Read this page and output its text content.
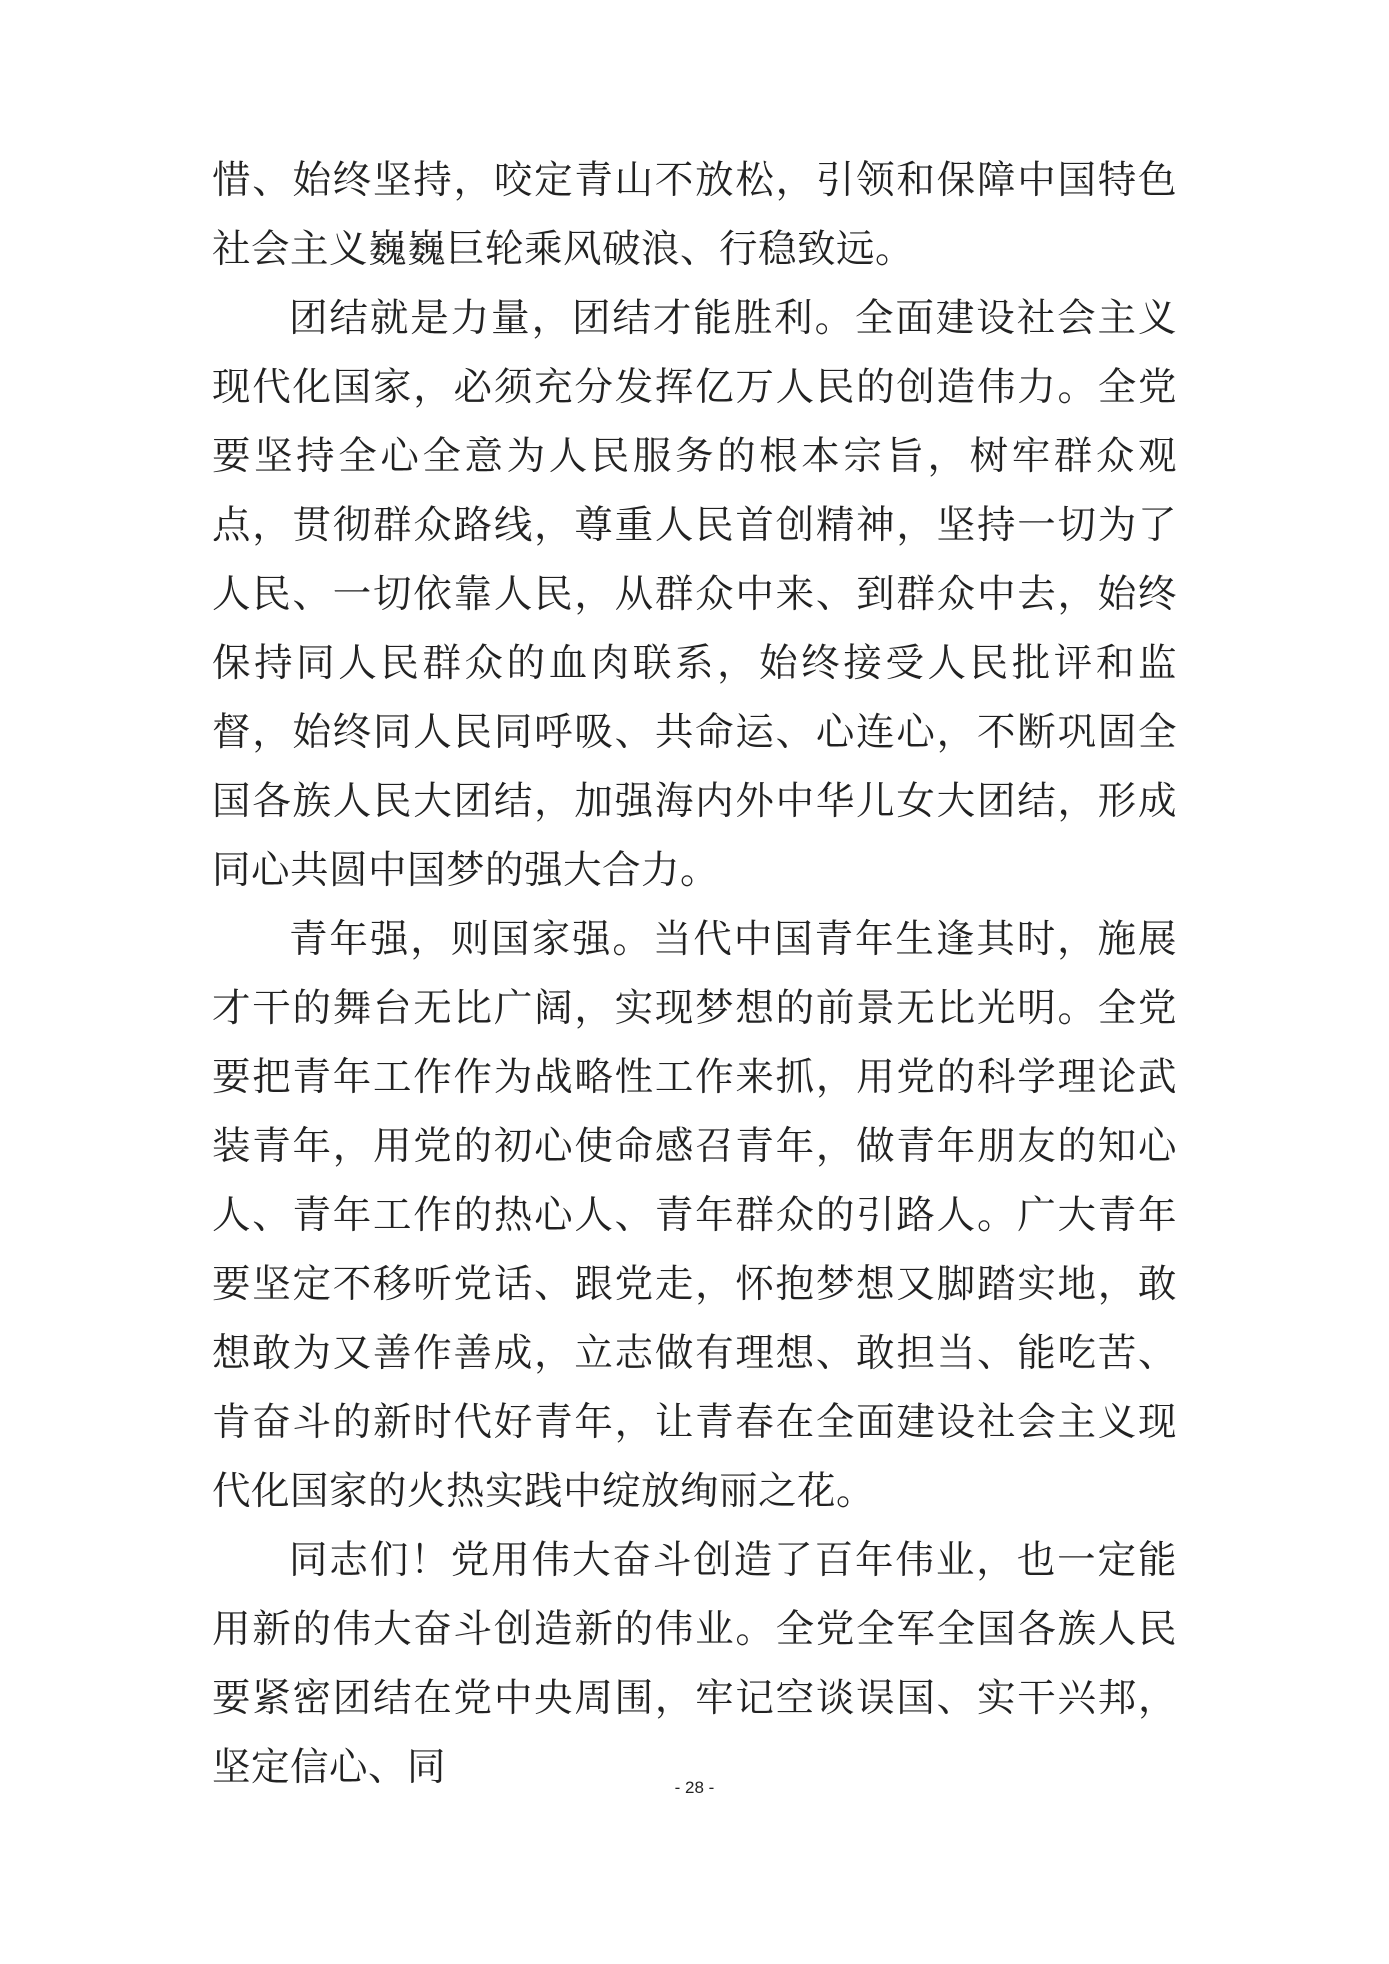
惜、始终坚持，咬定青山不放松，引领和保障中国特色社会主义巍巍巨轮乘风破浪、行稳致远。

团结就是力量，团结才能胜利。全面建设社会主义现代化国家，必须充分发挥亿万人民的创造伟力。全党要坚持全心全意为人民服务的根本宗旨，树牢群众观点，贯彻群众路线，尊重人民首创精神，坚持一切为了人民、一切依靠人民，从群众中来、到群众中去，始终保持同人民群众的血肉联系，始终接受人民批评和监督，始终同人民同呼吸、共命运、心连心，不断巩固全国各族人民大团结，加强海内外中华儿女大团结，形成同心共圆中国梦的强大合力。

青年强，则国家强。当代中国青年生逢其时，施展才干的舞台无比广阔，实现梦想的前景无比光明。全党要把青年工作作为战略性工作来抓，用党的科学理论武装青年，用党的初心使命感召青年，做青年朋友的知心人、青年工作的热心人、青年群众的引路人。广大青年要坚定不移听党话、跟党走，怀抱梦想又脚踏实地，敢想敢为又善作善成，立志做有理想、敢担当、能吃苦、肯奋斗的新时代好青年，让青春在全面建设社会主义现代化国家的火热实践中绽放绚丽之花。

同志们！党用伟大奋斗创造了百年伟业，也一定能用新的伟大奋斗创造新的伟业。全党全军全国各族人民要紧密团结在党中央周围，牢记空谈误国、实干兴邦，坚定信心、同	- 28 -
